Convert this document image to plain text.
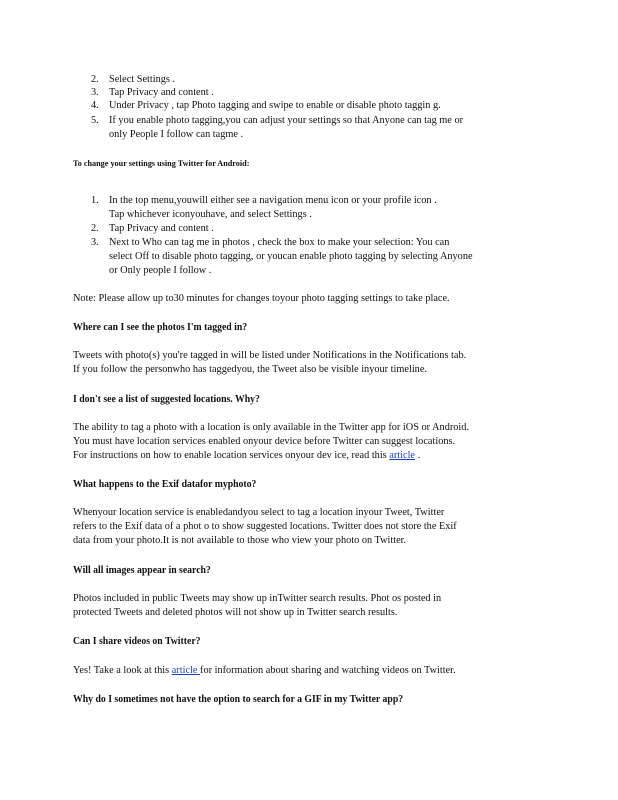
2. Select Settings .
3. Tap Privacy and content .
4. Under Privacy , tap Photo tagging and swipe to enable or disable photo taggin g.
5. If you enable photo tagging,you can adjust your settings so that Anyone can tag me or
only People I follow can tagme .
To change your settings using Twitter for Android:
1. In the top menu,youwill either see a navigation menu icon or your profile icon .
Tap whichever iconyouhave, and select Settings .
2. Tap Privacy and content .
3. Next to Who can tag me in photos , check the box to make your selection: You can
select Off to disable photo tagging, or youcan enable photo tagging by selecting Anyone
or Only people I follow .
Note: Please allow up to30 minutes for changes toyour photo tagging settings to take place.
Where can I see the photos I'm tagged in?
Tweets with photo(s) you're tagged in will be listed under Notifications in the Notifications tab.
If you follow the personwho has taggedyou, the Tweet also be visible inyour timeline.
I don't see a list of suggested locations. Why?
The ability to tag a photo with a location is only available in the Twitter app for iOS or Android.
You must have location services enabled onyour device before Twitter can suggest locations.
For instructions on how to enable location services onyour dev ice, read this article .
What happens to the Exif datafor myphoto?
Whenyour location service is enabledandyou select to tag a location inyour Tweet, Twitter
refers to the Exif data of a phot o to show suggested locations. Twitter does not store the Exif
data from your photo.It is not available to those who view your photo on Twitter.
Will all images appear in search?
Photos included in public Tweets may show up inTwitter search results. Phot os posted in
protected Tweets and deleted photos will not show up in Twitter search results.
Can I share videos on Twitter?
Yes! Take a look at this article for information about sharing and watching videos on Twitter.
Why do I sometimes not have the option to search for a GIF in my Twitter app?
